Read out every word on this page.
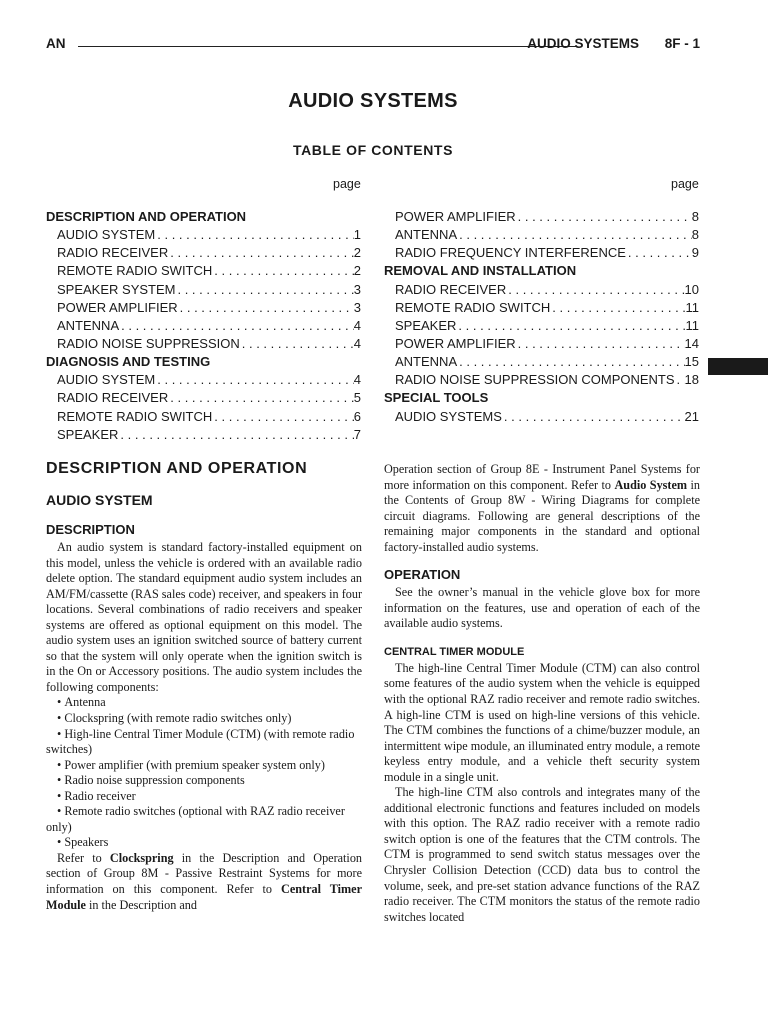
AN	AUDIO SYSTEMS 8F - 1
AUDIO SYSTEMS
TABLE OF CONTENTS
page	page
DESCRIPTION AND OPERATION
AUDIO SYSTEM . . .	1
RADIO RECEIVER . . .	2
REMOTE RADIO SWITCH . . .	2
SPEAKER SYSTEM . . .	3
POWER AMPLIFIER . . .	3
ANTENNA . . .	4
RADIO NOISE SUPPRESSION . . .	4
DIAGNOSIS AND TESTING
AUDIO SYSTEM . . .	4
RADIO RECEIVER . . .	5
REMOTE RADIO SWITCH . . .	6
SPEAKER . . .	7
POWER AMPLIFIER . . .	8
ANTENNA . . .	8
RADIO FREQUENCY INTERFERENCE . . .	9
REMOVAL AND INSTALLATION
RADIO RECEIVER . . .	10
REMOTE RADIO SWITCH . . .	11
SPEAKER . . .	11
POWER AMPLIFIER . . .	14
ANTENNA . . .	15
RADIO NOISE SUPPRESSION COMPONENTS . . . 18
SPECIAL TOOLS
AUDIO SYSTEMS . . .	21
DESCRIPTION AND OPERATION
AUDIO SYSTEM
DESCRIPTION

An audio system is standard factory-installed equipment on this model, unless the vehicle is ordered with an available radio delete option. The standard equipment audio system includes an AM/FM/cassette (RAS sales code) receiver, and speakers in four locations. Several combinations of radio receivers and speaker systems are offered as optional equipment on this model. The audio system uses an ignition switched source of battery current so that the system will only operate when the ignition switch is in the On or Accessory positions. The audio system includes the following components:

• Antenna

• Clockspring (with remote radio switches only)

• High-line Central Timer Module (CTM) (with remote radio switches)

• Power amplifier (with premium speaker system only)

• Radio noise suppression components

• Radio receiver

• Remote radio switches (optional with RAZ radio receiver only)

• Speakers

Refer to Clockspring in the Description and Operation section of Group 8M - Passive Restraint Systems for more information on this component. Refer to Central Timer Module in the Description and

Operation section of Group 8E - Instrument Panel Systems for more information on this component. Refer to Audio System in the Contents of Group 8W - Wiring Diagrams for complete circuit diagrams. Following are general descriptions of the remaining major components in the standard and optional factory-installed audio systems.

OPERATION

See the owner’s manual in the vehicle glove box for more information on the features, use and operation of each of the available audio systems.

CENTRAL TIMER MODULE

The high-line Central Timer Module (CTM) can also control some features of the audio system when the vehicle is equipped with the optional RAZ radio receiver and remote radio switches. A high-line CTM is used on high-line versions of this vehicle. The CTM combines the functions of a chime/buzzer module, an intermittent wipe module, an illuminated entry module, a remote keyless entry module, and a vehicle theft security system module in a single unit.

The high-line CTM also controls and integrates many of the additional electronic functions and features included on models with this option. The RAZ radio receiver with a remote radio switch option is one of the features that the CTM controls. The CTM is programmed to send switch status messages over the Chrysler Collision Detection (CCD) data bus to control the volume, seek, and pre-set station advance functions of the RAZ radio receiver. The CTM monitors the status of the remote radio switches located
